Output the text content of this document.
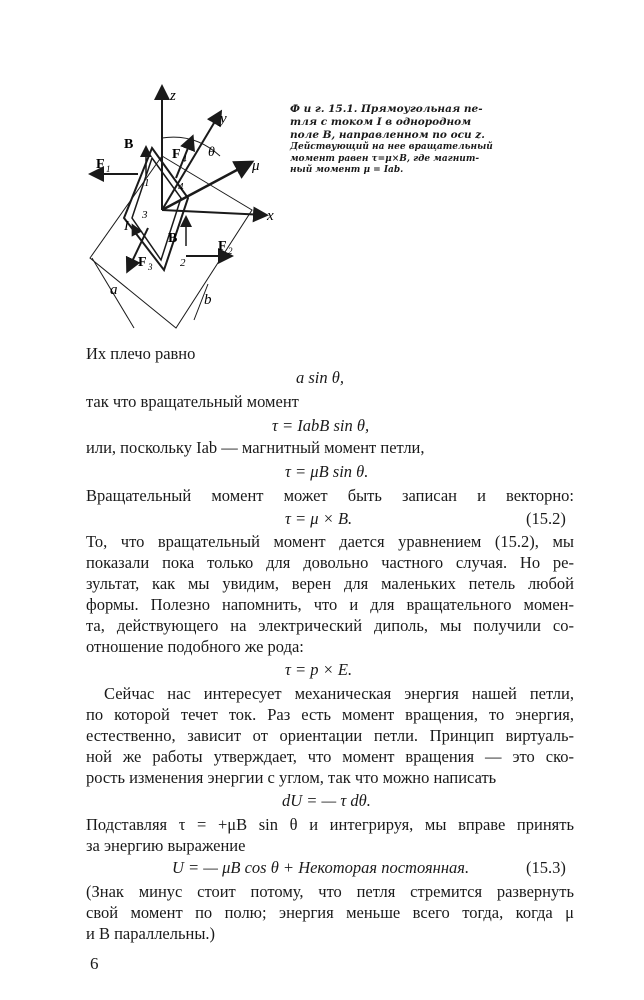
z
y
x
θ
μ
F 1
F 2
F 3
F 4
B
B
I
1
2
3
4
a
b
Ф и г. 15.1. Прямоугольная пе-
тля с током I в однородном
поле B, направленном по оси z.
Действующий на нее вращательный
момент равен τ=μ×B, где магнит-
ный момент μ = Iab.
Их плечо равно
a sin θ,
так что вращательный момент
τ = IabB sin θ,
или, поскольку Iab — магнитный момент петли,
τ = μB sin θ.
Вращательный момент может быть записан и векторно:
τ = μ × B.	(15.2)
То, что вращательный момент дается уравнением (15.2), мы
показали пока только для довольно частного случая. Но ре-
зультат, как мы увидим, верен для маленьких петель любой
формы. Полезно напомнить, что и для вращательного момен-
та, действующего на электрический диполь, мы получили со-
отношение подобного же рода:
τ = p × E.
Сейчас нас интересует механическая энергия нашей петли,
по которой течет ток. Раз есть момент вращения, то энергия,
естественно, зависит от ориентации петли. Принцип виртуаль-
ной же работы утверждает, что момент вращения — это ско-
рость изменения энергии с углом, так что можно написать
dU = — τ dθ.
Подставляя τ = +μB sin θ и интегрируя, мы вправе принять
за энергию выражение
U = — μB cos θ + Некоторая постоянная.	(15.3)
(Знак минус стоит потому, что петля стремится развернуть
свой момент по полю; энергия меньше всего тогда, когда μ
и B параллельны.)
6
